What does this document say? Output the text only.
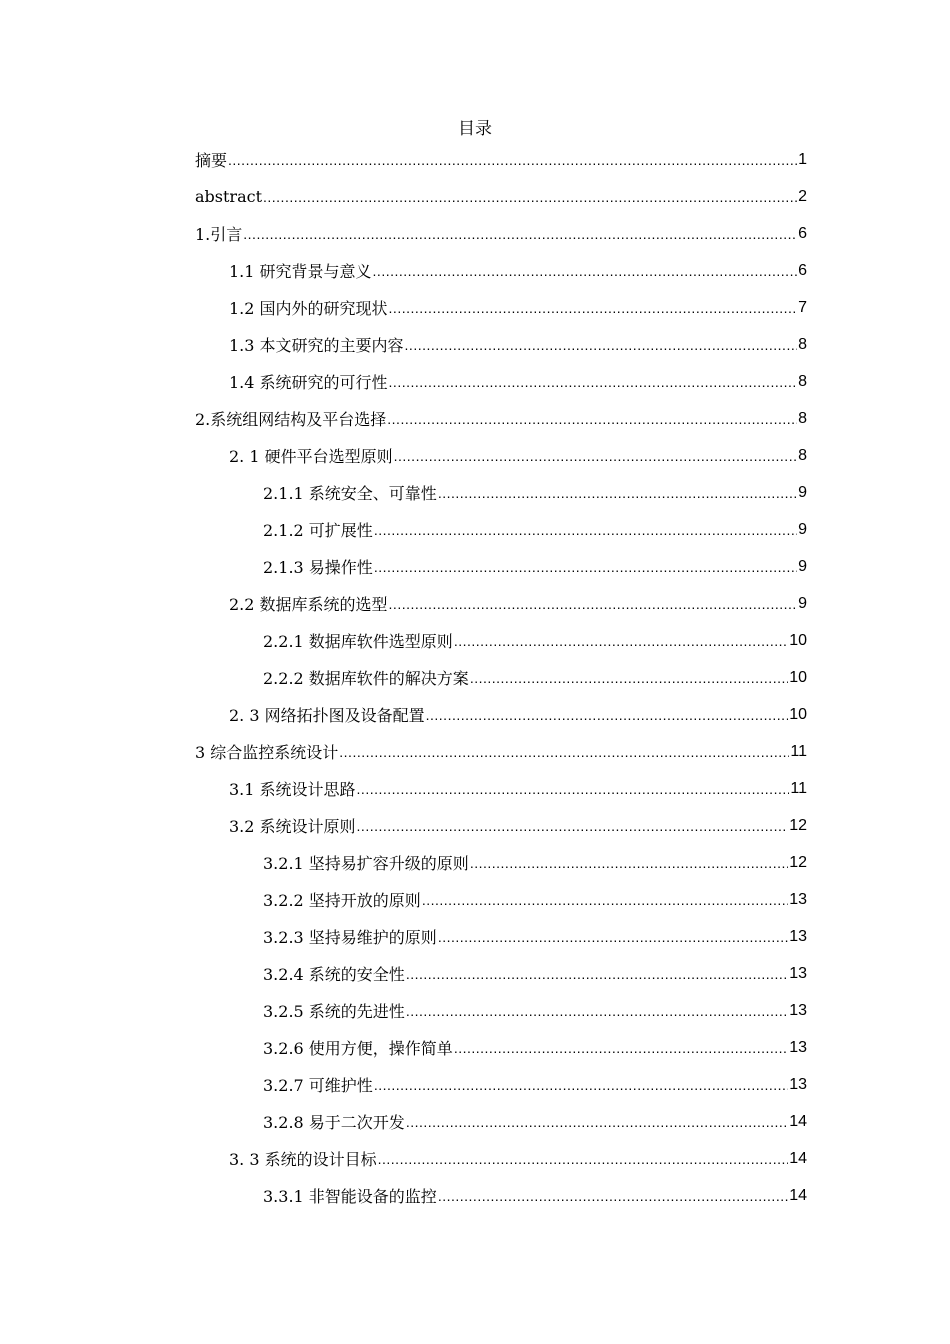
目录
摘要 .....	1
abstract .....	2
1.引言 .....	6
1.1 研究背景与意义 .....	6
1.2 国内外的研究现状 .....	7
1.3 本文研究的主要内容 .....	8
1.4 系统研究的可行性 .....	8
2.系统组网结构及平台选择 .....	8
2. 1 硬件平台选型原则 .....	8
2.1.1 系统安全、可靠性 .....	9
2.1.2 可扩展性 .....	9
2.1.3 易操作性 .....	9
2.2 数据库系统的选型 .....	9
2.2.1 数据库软件选型原则 .....	10
2.2.2 数据库软件的解决方案 .....	10
2. 3 网络拓扑图及设备配置 .....	10
3 综合监控系统设计 .....	11
3.1 系统设计思路 .....	11
3.2 系统设计原则 .....	12
3.2.1 坚持易扩容升级的原则 .....	12
3.2.2 坚持开放的原则 .....	13
3.2.3 坚持易维护的原则 .....	13
3.2.4 系统的安全性 .....	13
3.2.5 系统的先进性 .....	13
3.2.6 使用方便，操作简单 .....	13
3.2.7 可维护性 .....	13
3.2.8 易于二次开发 .....	14
3. 3 系统的设计目标 .....	14
3.3.1 非智能设备的监控 .....	14
